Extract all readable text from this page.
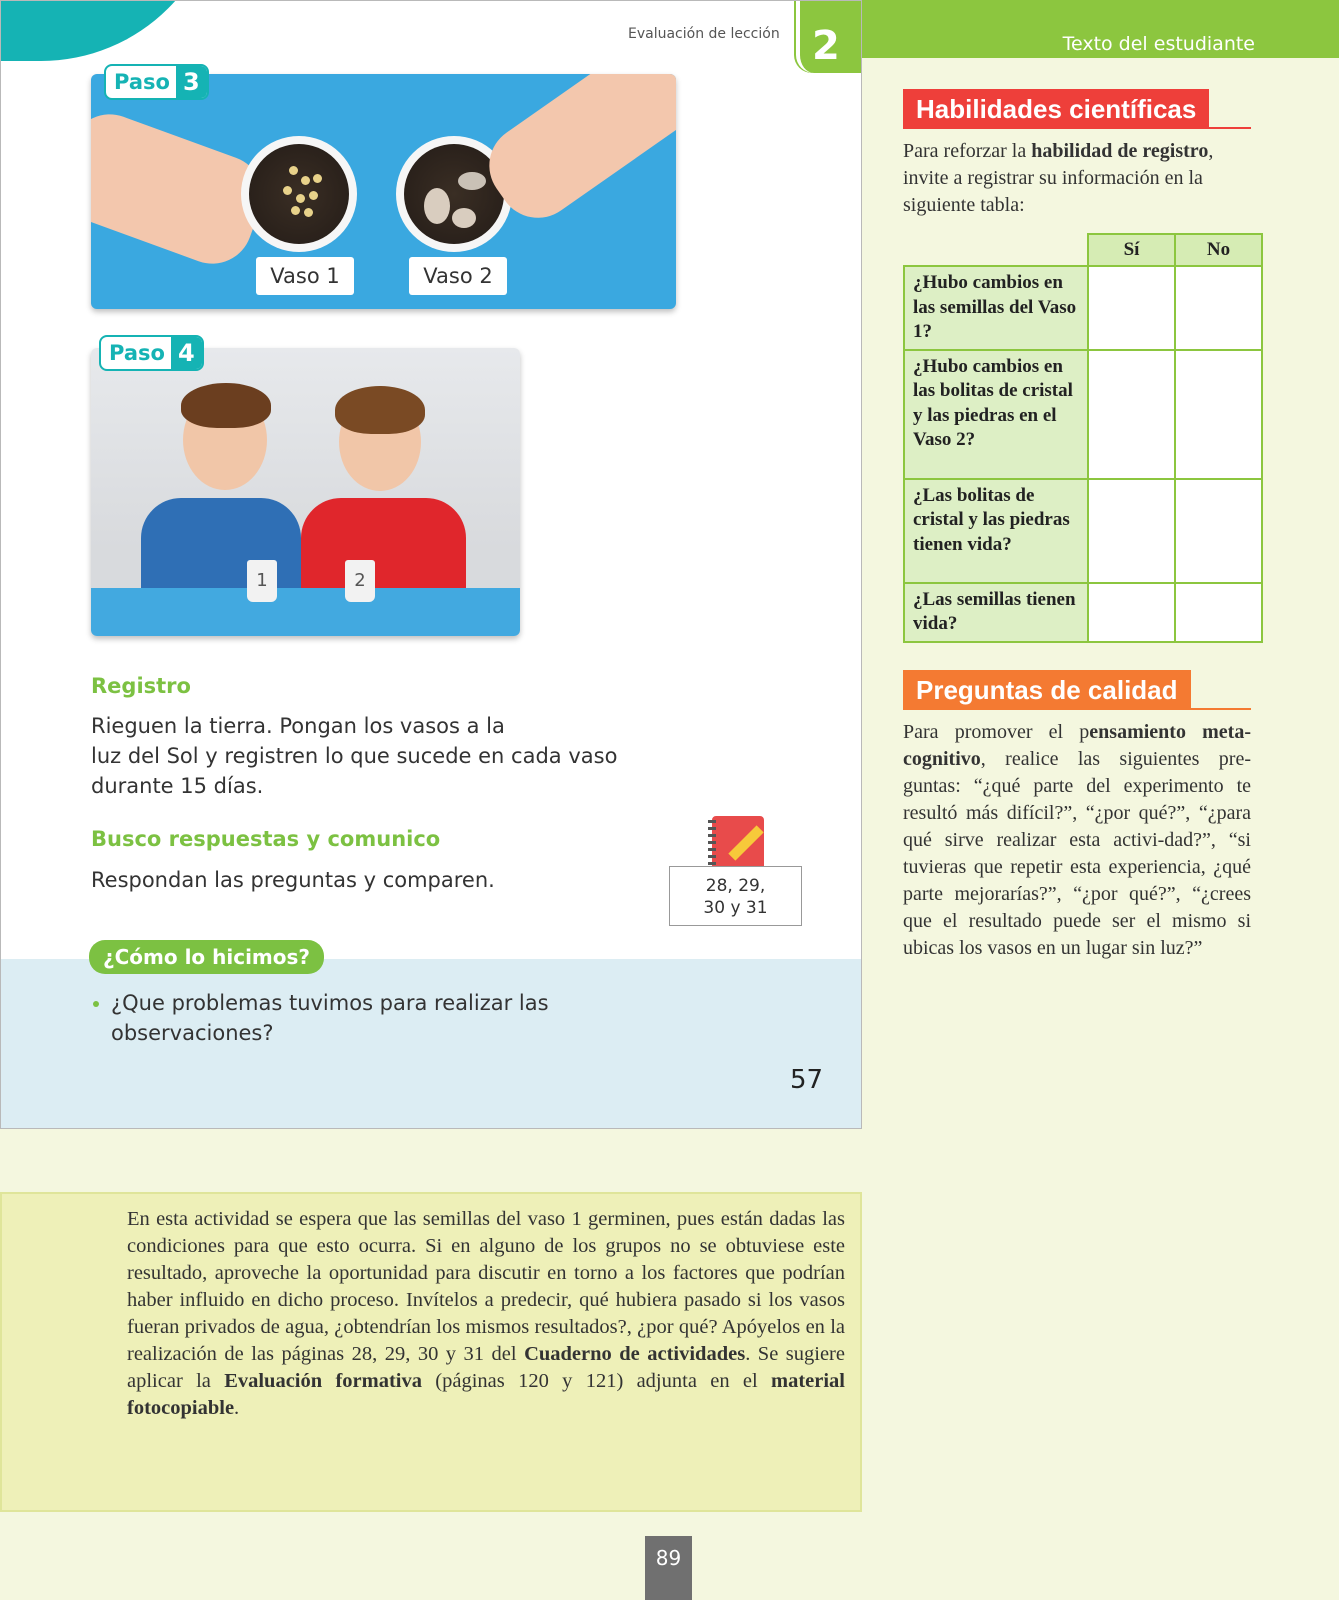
Evaluación de lección 2
Paso 3
Vaso 1	Vaso 2
Paso 4
1	2
Registro
Rieguen la tierra. Pongan los vasos a la
luz del Sol y registren lo que sucede en cada vaso
durante 15 días.
Busco respuestas y comunico
Respondan las preguntas y comparen.	28, 29,
30 y 31
¿Cómo lo hicimos?
¿Que problemas tuvimos para realizar las
observaciones?
57
Texto del estudiante
Habilidades científicas
Para reforzar la habilidad de registro, invite a registrar su información en la siguiente tabla:
	Sí	No
¿Hubo cambios en las semillas del Vaso 1?		
¿Hubo cambios en las bolitas de cristal y las piedras en el Vaso 2?		
¿Las bolitas de cristal y las piedras tienen vida?		
¿Las semillas tienen vida?		
Preguntas de calidad
Para promover el pensamiento meta-cognitivo, realice las siguientes pre-guntas: “¿qué parte del experimento te resultó más difícil?”, “¿por qué?”, “¿para qué sirve realizar esta activi-dad?”, “si tuvieras que repetir esta experiencia, ¿qué parte mejorarías?”, “¿por qué?”, “¿crees que el resultado puede ser el mismo si ubicas los vasos en un lugar sin luz?”
En esta actividad se espera que las semillas del vaso 1 germinen, pues están dadas las condiciones para que esto ocurra. Si en alguno de los grupos no se obtuviese este resultado, aproveche la oportunidad para discutir en torno a los factores que podrían haber influido en dicho proceso. Invítelos a predecir, qué hubiera pasado si los vasos fueran privados de agua, ¿obtendrían los mismos resultados?, ¿por qué? Apóyelos en la realización de las páginas 28, 29, 30 y 31 del Cuaderno de actividades. Se sugiere aplicar la Evaluación formativa (páginas 120 y 121) adjunta en el material fotocopiable.
89
